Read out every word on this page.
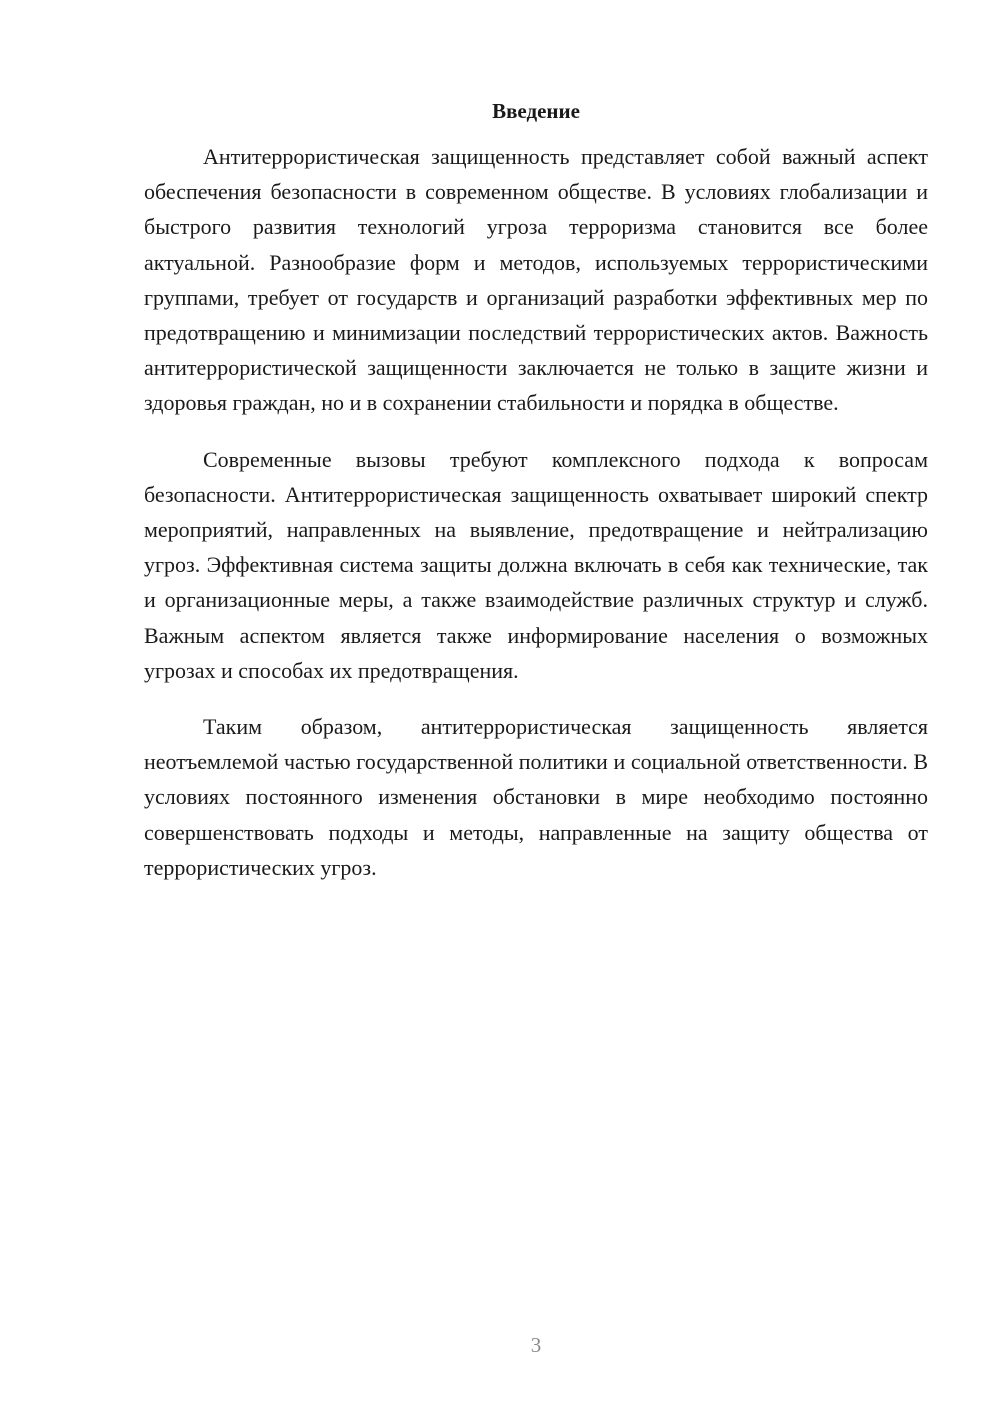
Введение

Антитеррористическая защищенность представляет собой важный аспект обеспечения безопасности в современном обществе. В условиях глобализации и быстрого развития технологий угроза терроризма становится все более актуальной. Разнообразие форм и методов, используемых террористическими группами, требует от государств и организаций разработки эффективных мер по предотвращению и минимизации последствий террористических актов. Важность антитеррористической защищенности заключается не только в защите жизни и здоровья граждан, но и в сохранении стабильности и порядка в обществе.

Современные вызовы требуют комплексного подхода к вопросам безопасности. Антитеррористическая защищенность охватывает широкий спектр мероприятий, направленных на выявление, предотвращение и нейтрализацию угроз. Эффективная система защиты должна включать в себя как технические, так и организационные меры, а также взаимодействие различных структур и служб. Важным аспектом является также информирование населения о возможных угрозах и способах их предотвращения.

Таким образом, антитеррористическая защищенность является неотъемлемой частью государственной политики и социальной ответственности. В условиях постоянного изменения обстановки в мире необходимо постоянно совершенствовать подходы и методы, направленные на защиту общества от террористических угроз.

3
